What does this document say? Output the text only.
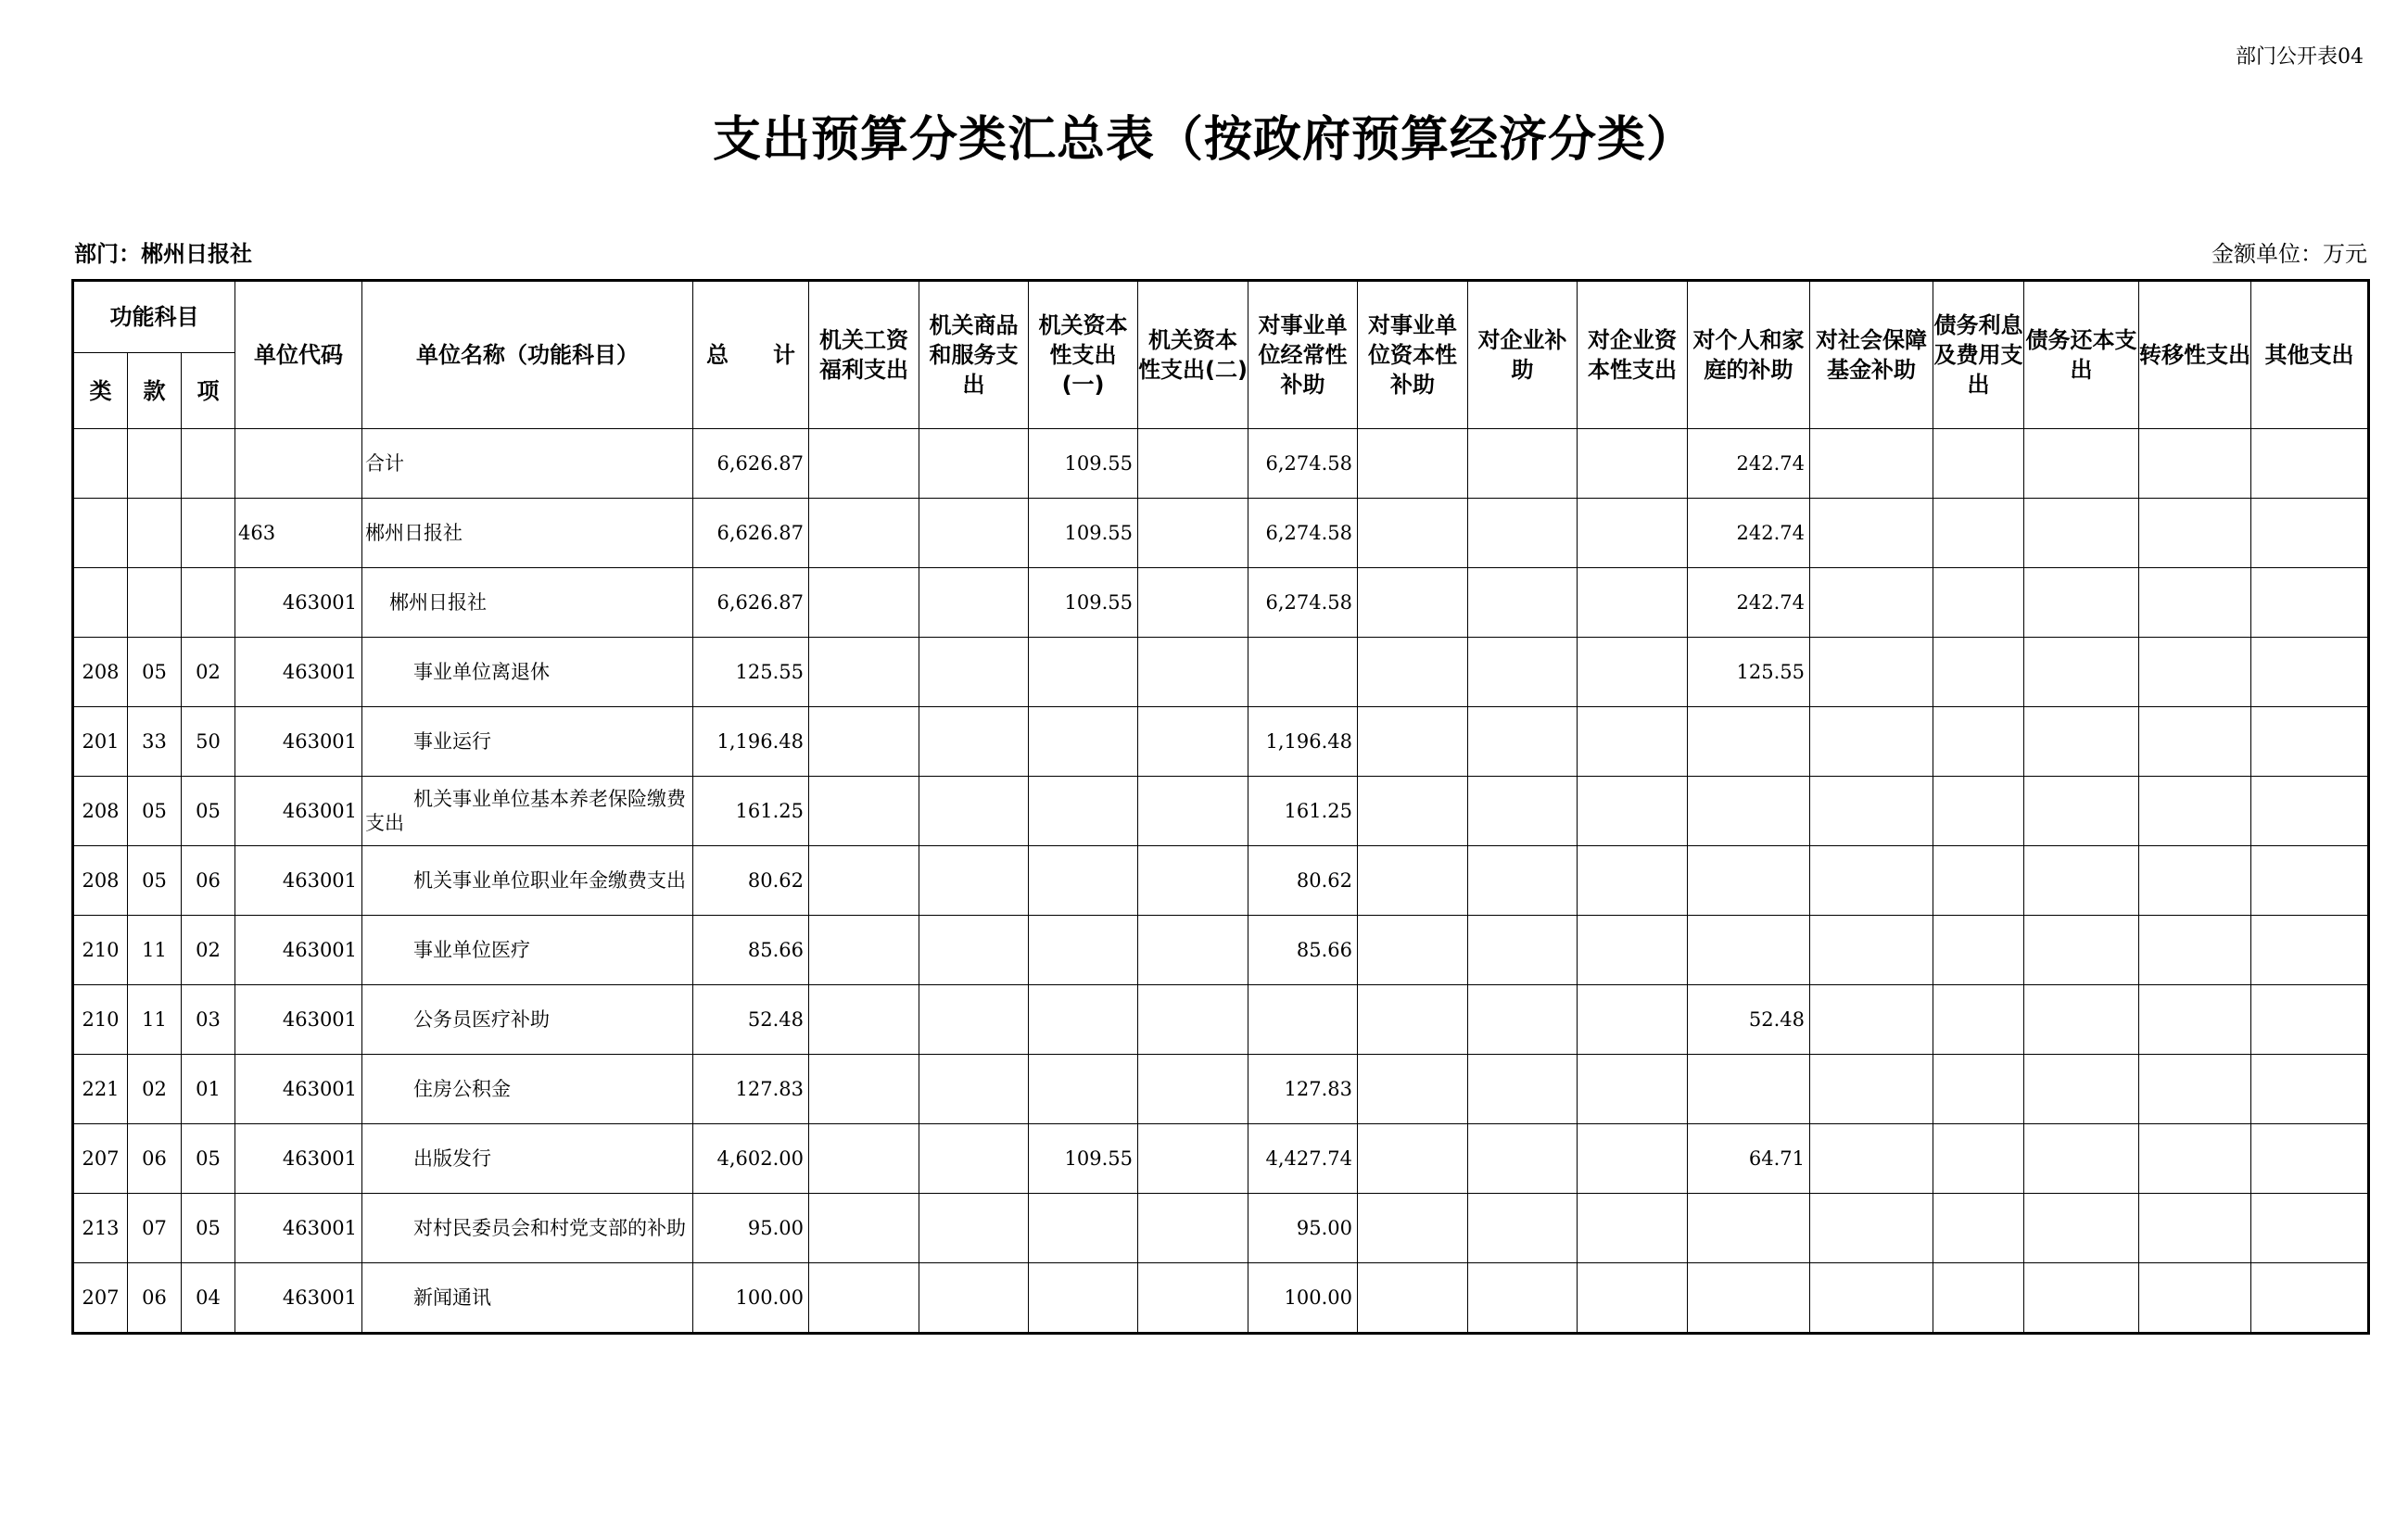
部门公开表04
支出预算分类汇总表（按政府预算经济分类）
部门：郴州日报社	金额单位：万元
功能科目			单位代码	单位名称（功能科目）	总　　计	机关工资福利支出	机关商品和服务支出	机关资本性支出(一)	机关资本性支出(二)	对事业单位经常性补助	对事业单位资本性补助	对企业补助	对企业资本性支出	对个人和家庭的补助	对社会保障基金补助	债务利息及费用支出	债务还本支出	转移性支出	其他支出
类	款	项																	

				合计	6,626.87			109.55		6,274.58				242.74					
			463	郴州日报社	6,626.87			109.55		6,274.58				242.74					
			463001	郴州日报社	6,626.87			109.55		6,274.58				242.74					
208	05	02	463001	事业单位离退休	125.55									125.55					
201	33	50	463001	事业运行	1,196.48					1,196.48									
208	05	05	463001	机关事业单位基本养老保险缴费支出	161.25					161.25									
208	05	06	463001	机关事业单位职业年金缴费支出	80.62					80.62									
210	11	02	463001	事业单位医疗	85.66					85.66									
210	11	03	463001	公务员医疗补助	52.48									52.48					
221	02	01	463001	住房公积金	127.83					127.83									
207	06	05	463001	出版发行	4,602.00			109.55		4,427.74				64.71					
213	07	05	463001	对村民委员会和村党支部的补助	95.00					95.00									
207	06	04	463001	新闻通讯	100.00					100.00									
